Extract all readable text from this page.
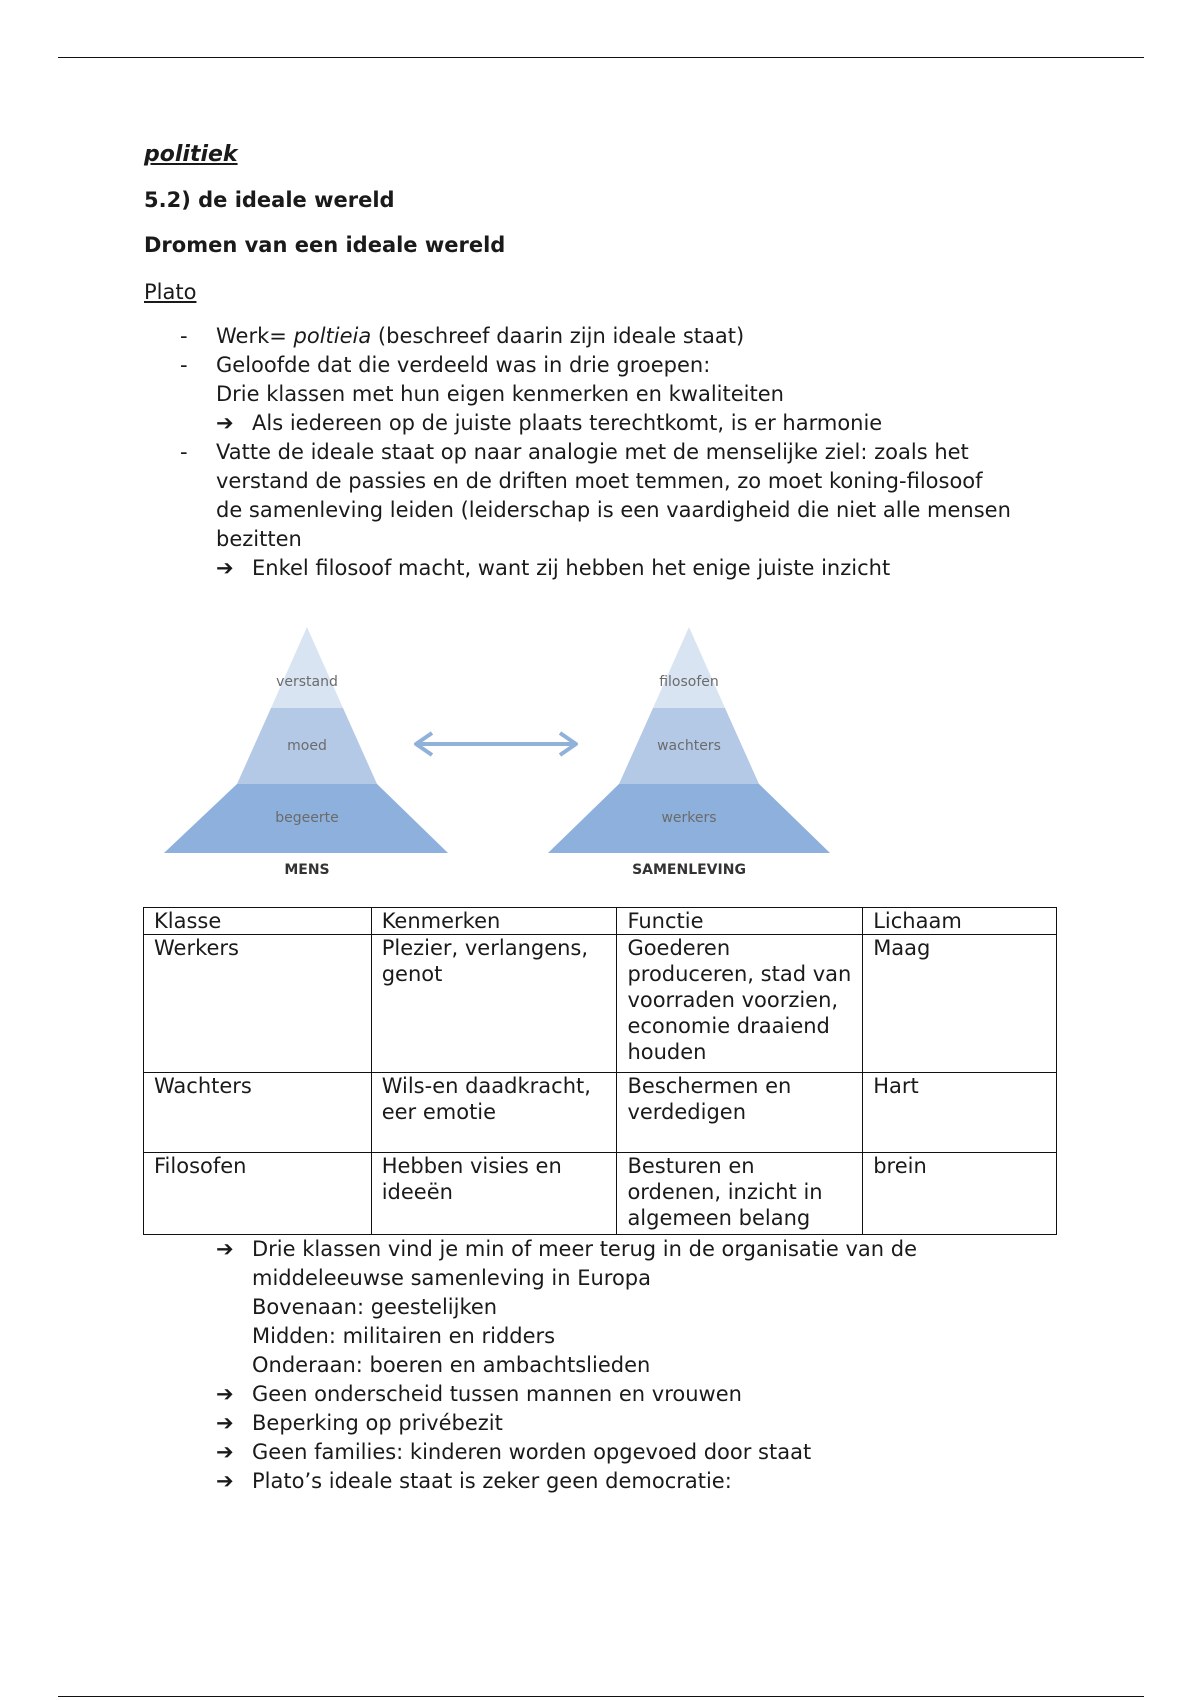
politiek
5.2) de ideale wereld
Dromen van een ideale wereld
Plato
- Werk= poltieia (beschreef daarin zijn ideale staat)
- Geloofde dat die verdeeld was in drie groepen:
Drie klassen met hun eigen kenmerken en kwaliteiten
➔ Als iedereen op de juiste plaats terechtkomt, is er harmonie
- Vatte de ideale staat op naar analogie met de menselijke ziel: zoals het
verstand de passies en de driften moet temmen, zo moet koning-filosoof
de samenleving leiden (leiderschap is een vaardigheid die niet alle mensen
bezitten
➔ Enkel filosoof macht, want zij hebben het enige juiste inzicht
verstand
moed
begeerte
MENS
filosofen
wachters
werkers
SAMENLEVING
Klasse	Kenmerken	Functie	Lichaam
Werkers	Plezier, verlangens, genot	Goederen produceren, stad van voorraden voorzien, economie draaiend houden	Maag
Wachters	Wils-en daadkracht, eer emotie	Beschermen en verdedigen	Hart
Filosofen	Hebben visies en ideeën	Besturen en ordenen, inzicht in algemeen belang	brein
➔ Drie klassen vind je min of meer terug in de organisatie van de
middeleeuwse samenleving in Europa
Bovenaan: geestelijken
Midden: militairen en ridders
Onderaan: boeren en ambachtslieden
➔ Geen onderscheid tussen mannen en vrouwen
➔ Beperking op privébezit
➔ Geen families: kinderen worden opgevoed door staat
➔ Plato’s ideale staat is zeker geen democratie:
